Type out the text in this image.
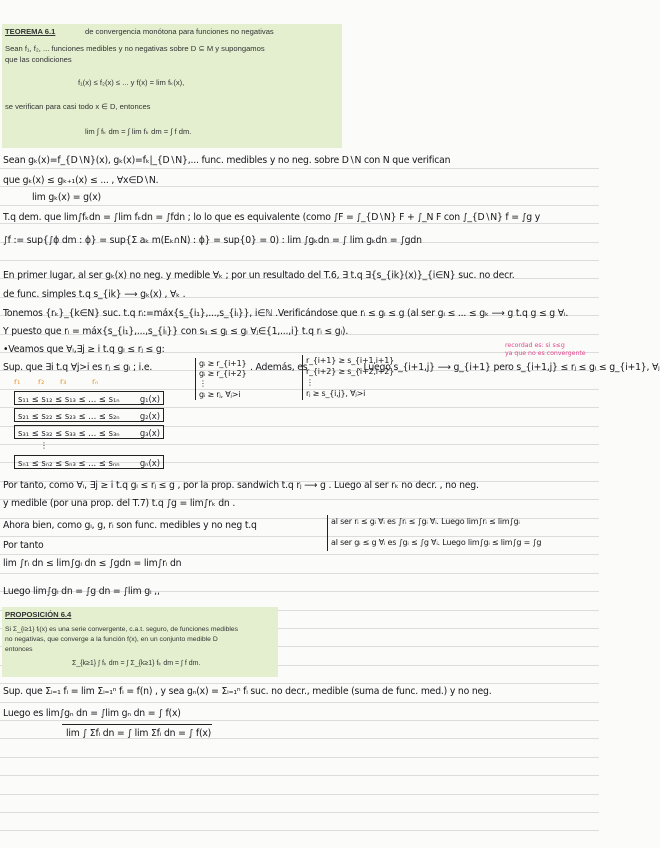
TEOREMA 6.1	de convergencia monótona para funciones no negativas
Sean f₁, f₂, ... funciones medibles y no negativas sobre D ⊆ M y supongamos
que las condiciones
f₁(x) ≤ f₂(x) ≤ ... y f(x) = lim fₖ(x),
se verifican para casi todo x ∈ D, entonces
lim ∫ fₖ dm = ∫ lim fₖ dm = ∫ f dm.
Sean gₖ(x)=f_{D∖N}(x), gₖ(x)=fₖ|_{D∖N},... func. medibles y no neg. sobre D∖N con N que verifican
que gₖ(x) ≤ gₖ₊₁(x) ≤ ... , ∀x∈D∖N.
lim gₖ(x) = g(x)
T.q dem. que lim∫fₖdn = ∫lim fₖdn = ∫fdn ; lo lo que es equivalente (como ∫F = ∫_{D∖N} F + ∫_N F con ∫_{D∖N} f = ∫g y
∫f := sup{∫ϕ dm : ϕ} = sup{Σ aₖ m(Eₖ∩N) : ϕ} = sup{0} = 0) : lim ∫gₖdn = ∫ lim gₖdn = ∫gdn
En primer lugar, al ser gₖ(x) no neg. y medible ∀ₖ ; por un resultado del T.6, ∃ t.q ∃{s_{ik}(x)}_{i∈N} suc. no decr.
de func. simples t.q s_{ik} ⟶ gₖ(x) , ∀ₖ .
Tonemos {rₖ}_{k∈N} suc. t.q rᵢ:=máx{s_{i₁},...,s_{iᵢ}}, i∈ℕ .Verificándose que rᵢ ≤ gᵢ ≤ g (al ser gᵢ ≤ ... ≤ gₖ ⟶ g t.q g ≤ g ∀ᵢ.
Y puesto que rᵢ = máx{s_{i₁},...,s_{iᵢ}} con sᵢⱼ ≤ gⱼ ≤ gᵢ ∀ⱼ∈{1,...,i} t.q rᵢ ≤ gᵢ).
•Veamos que ∀ᵢ,∃j ≥ i t.q gᵢ ≤ rⱼ ≤ g:	recordad es: si s≤g
ya que no es convergente
Sup. que ∃i t.q ∀j>i es rⱼ ≤ gᵢ ; i.e.	gᵢ ≥ r_{i+1}
gᵢ ≥ r_{i+2}
⋮
gᵢ ≥ rⱼ, ∀ⱼ>i
. Además, es
r_{i+1} ≥ s_{i+1,i+1}
r_{i+2} ≥ s_{i+2,i+2}
⋮
rⱼ ≥ s_{i,j}, ∀ⱼ>i
. Luego s_{i+1,j} ⟶ g_{i+1} pero s_{i+1,j} ≤ rⱼ ≤ gᵢ ≤ g_{i+1}, ∀ⱼ
r₁ r₂ r₃	rₙ
s₁₁ ≤ s₁₂ ≤ s₁₃ ≤ ... ≤ s₁ₙ g₁(x)
s₂₁ ≤ s₂₂ ≤ s₂₃ ≤ ... ≤ s₂ₙ g₂(x)
s₃₁ ≤ s₃₂ ≤ s₃₃ ≤ ... ≤ s₃ₙ g₃(x)
⋮
sₙ₁ ≤ sₙ₂ ≤ sₙ₃ ≤ ... ≤ sₙₙ gₙ(x)
Por tanto, como ∀ᵢ, ∃j ≥ i t.q gᵢ ≤ rⱼ ≤ g , por la prop. sandwich t.q rⱼ ⟶ g . Luego al ser rₖ no decr. , no neg.
y medible (por una prop. del T.7) t.q ∫g = lim∫rₖ dn .
Ahora bien, como gᵢ, g, rᵢ son func. medibles y no neg t.q	al ser rᵢ ≤ gᵢ ∀ᵢ es ∫rᵢ ≤ ∫gᵢ ∀ᵢ. Luego lim∫rᵢ ≤ lim∫gᵢ
Por tanto	al ser gᵢ ≤ g ∀ᵢ es ∫gᵢ ≤ ∫g ∀ᵢ. Luego lim∫gᵢ ≤ lim∫g = ∫g
lim ∫rᵢ dn ≤ lim∫gᵢ dn ≤ ∫gdn = lim∫rᵢ dn
Luego lim∫gᵢ dn = ∫g dn = ∫lim gᵢ ,,
PROPOSICIÓN 6.4
Si Σ_{i≥1} fᵢ(x) es una serie convergente, c.a.t. seguro, de funciones medibles
no negativas, que converge a la función f(x), en un conjunto medible D
entonces
Σ_{k≥1} ∫ fₖ dm = ∫ Σ_{k≥1} fₖ dm = ∫ f dm.
Sup. que Σᵢ₌₁ fᵢ = lim Σᵢ₌₁ⁿ fᵢ = f(n) , y sea gₙ(x) = Σᵢ₌₁ⁿ fᵢ suc. no decr., medible (suma de func. med.) y no neg.
Luego es lim∫gₙ dn = ∫lim gₙ dn = ∫ f(x)
lim ∫ Σfᵢ dn = ∫ lim Σfᵢ dn = ∫ f(x)
